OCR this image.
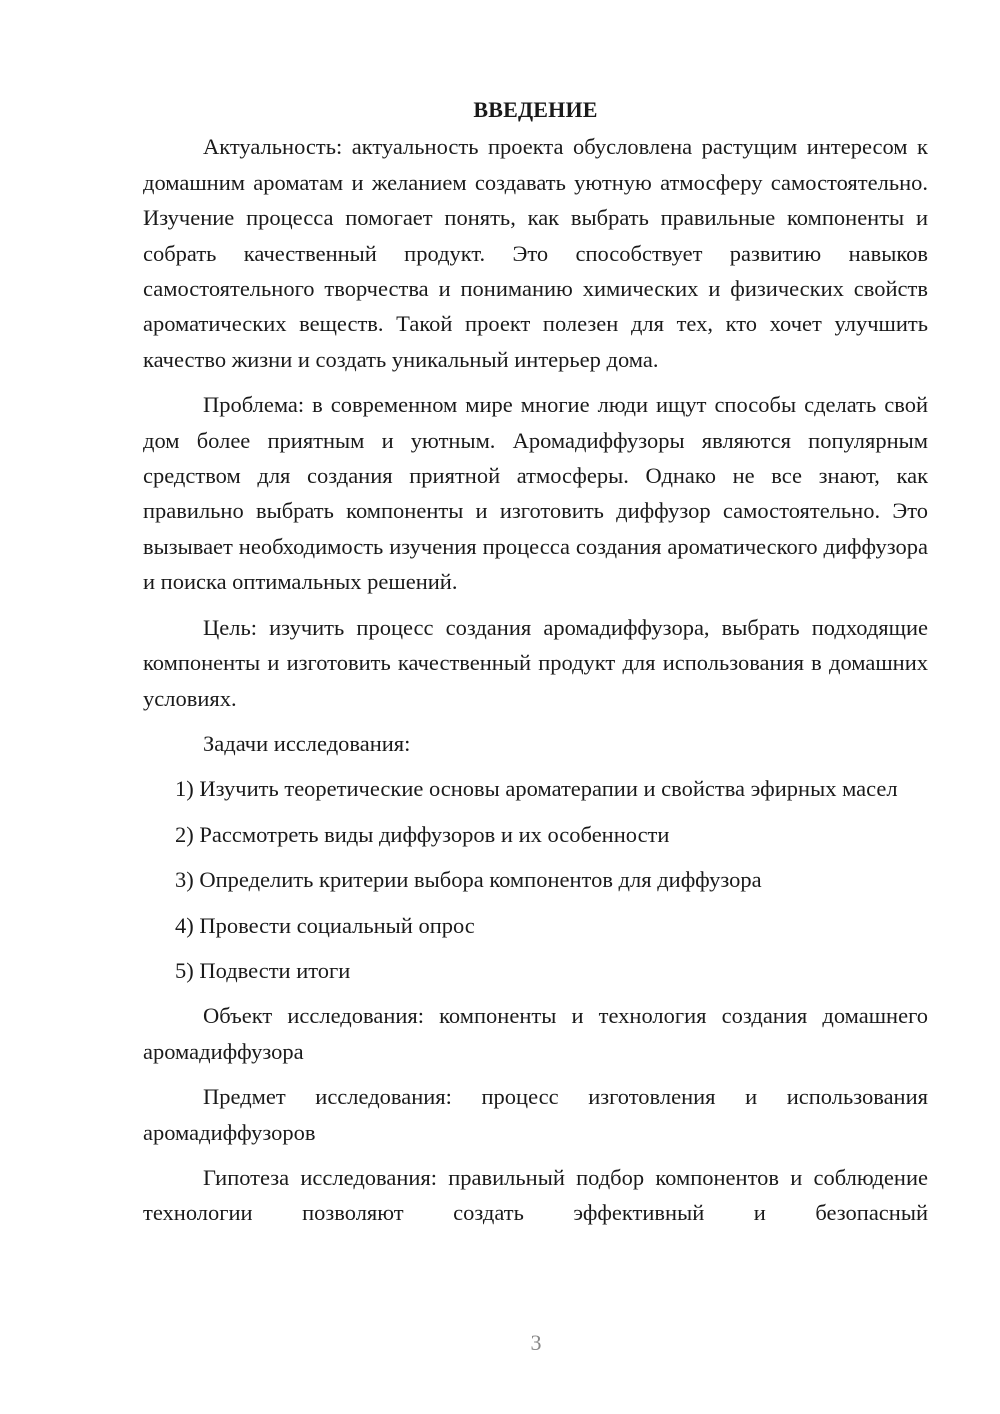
ВВЕДЕНИЕ

Актуальность: актуальность проекта обусловлена растущим интересом к домашним ароматам и желанием создавать уютную атмосферу самостоятельно. Изучение процесса помогает понять, как выбрать правильные компоненты и собрать качественный продукт. Это способствует развитию навыков самостоятельного творчества и пониманию химических и физических свойств ароматических веществ. Такой проект полезен для тех, кто хочет улучшить качество жизни и создать уникальный интерьер дома.

Проблема: в современном мире многие люди ищут способы сделать свой дом более приятным и уютным. Аромадиффузоры являются популярным средством для создания приятной атмосферы. Однако не все знают, как правильно выбрать компоненты и изготовить диффузор самостоятельно. Это вызывает необходимость изучения процесса создания ароматического диффузора и поиска оптимальных решений.

Цель: изучить процесс создания аромадиффузора, выбрать подходящие компоненты и изготовить качественный продукт для использования в домашних условиях.

Задачи исследования:

1) Изучить теоретические основы ароматерапии и свойства эфирных масел

2) Рассмотреть виды диффузоров и их особенности

3) Определить критерии выбора компонентов для диффузора

4) Провести социальный опрос

5) Подвести итоги

Объект исследования: компоненты и технология создания домашнего аромадиффузора

Предмет исследования: процесс изготовления и использования аромадиффузоров

Гипотеза исследования: правильный подбор компонентов и соблюдение технологии позволяют создать эффективный и безопасный

3
